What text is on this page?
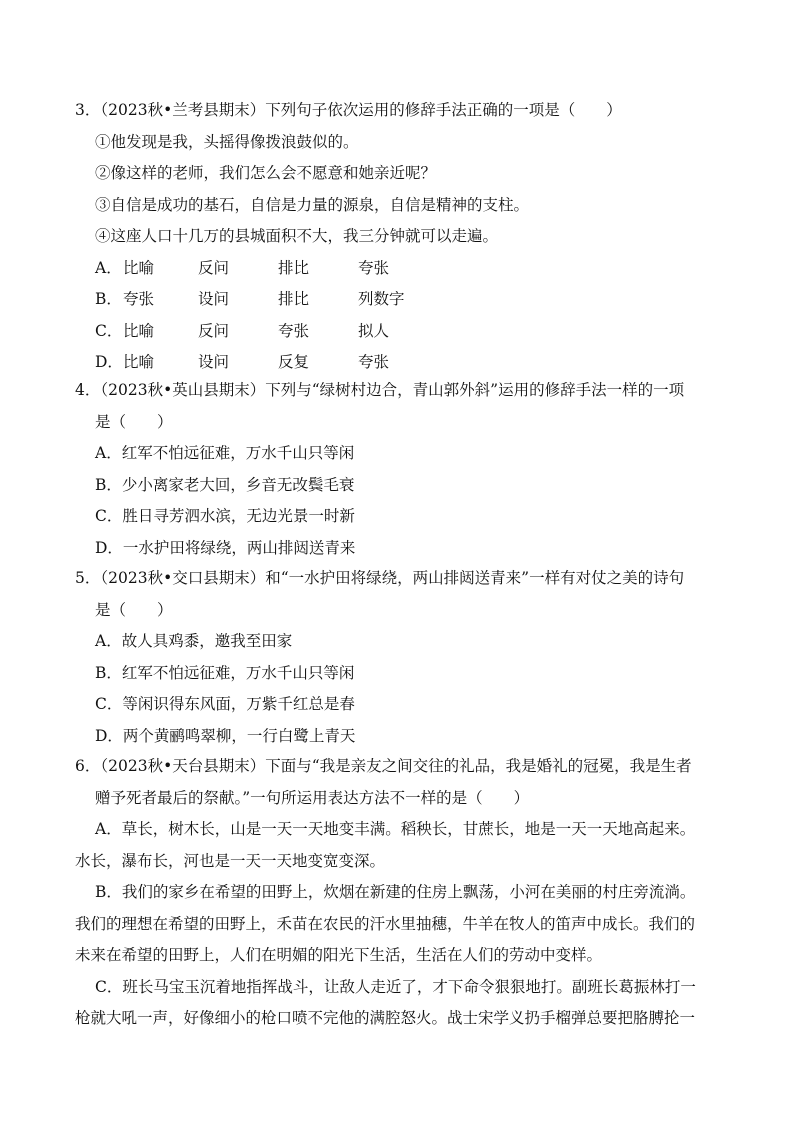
3．（2023秋•兰考县期末）下列句子依次运用的修辞手法正确的一项是（　　）
①他发现是我，头摇得像拨浪鼓似的。
②像这样的老师，我们怎么会不愿意和她亲近呢？
③自信是成功的基石，自信是力量的源泉，自信是精神的支柱。
④这座人口十几万的县城面积不大，我三分钟就可以走遍。
A． 比喻	反问	排比	夸张
B． 夸张	设问	排比	列数字
C． 比喻	反问	夸张	拟人
D． 比喻	设问	反复	夸张
4．（2023秋•英山县期末）下列与“绿树村边合，青山郭外斜”运用的修辞手法一样的一项
是（　　）
A．红军不怕远征难，万水千山只等闲
B．少小离家老大回，乡音无改鬓毛衰
C．胜日寻芳泗水滨，无边光景一时新
D．一水护田将绿绕，两山排闼送青来
5．（2023秋•交口县期末）和“一水护田将绿绕，两山排闼送青来”一样有对仗之美的诗句
是（　　）
A．故人具鸡黍，邀我至田家
B．红军不怕远征难，万水千山只等闲
C．等闲识得东风面，万紫千红总是春
D．两个黄鹂鸣翠柳，一行白鹭上青天
6．（2023秋•天台县期末）下面与“我是亲友之间交往的礼品，我是婚礼的冠冕，我是生者
赠予死者最后的祭献。”一句所运用表达方法不一样的是（　　）
A．草长，树木长，山是一天一天地变丰满。稻秧长，甘蔗长，地是一天一天地高起来。
水长，瀑布长，河也是一天一天地变宽变深。
B．我们的家乡在希望的田野上，炊烟在新建的住房上飘荡，小河在美丽的村庄旁流淌。
我们的理想在希望的田野上，禾苗在农民的汗水里抽穗，牛羊在牧人的笛声中成长。我们的
未来在希望的田野上，人们在明媚的阳光下生活，生活在人们的劳动中变样。
C．班长马宝玉沉着地指挥战斗，让敌人走近了，才下命令狠狠地打。副班长葛振林打一
枪就大吼一声，好像细小的枪口喷不完他的满腔怒火。战士宋学义扔手榴弹总要把胳膊抡一
